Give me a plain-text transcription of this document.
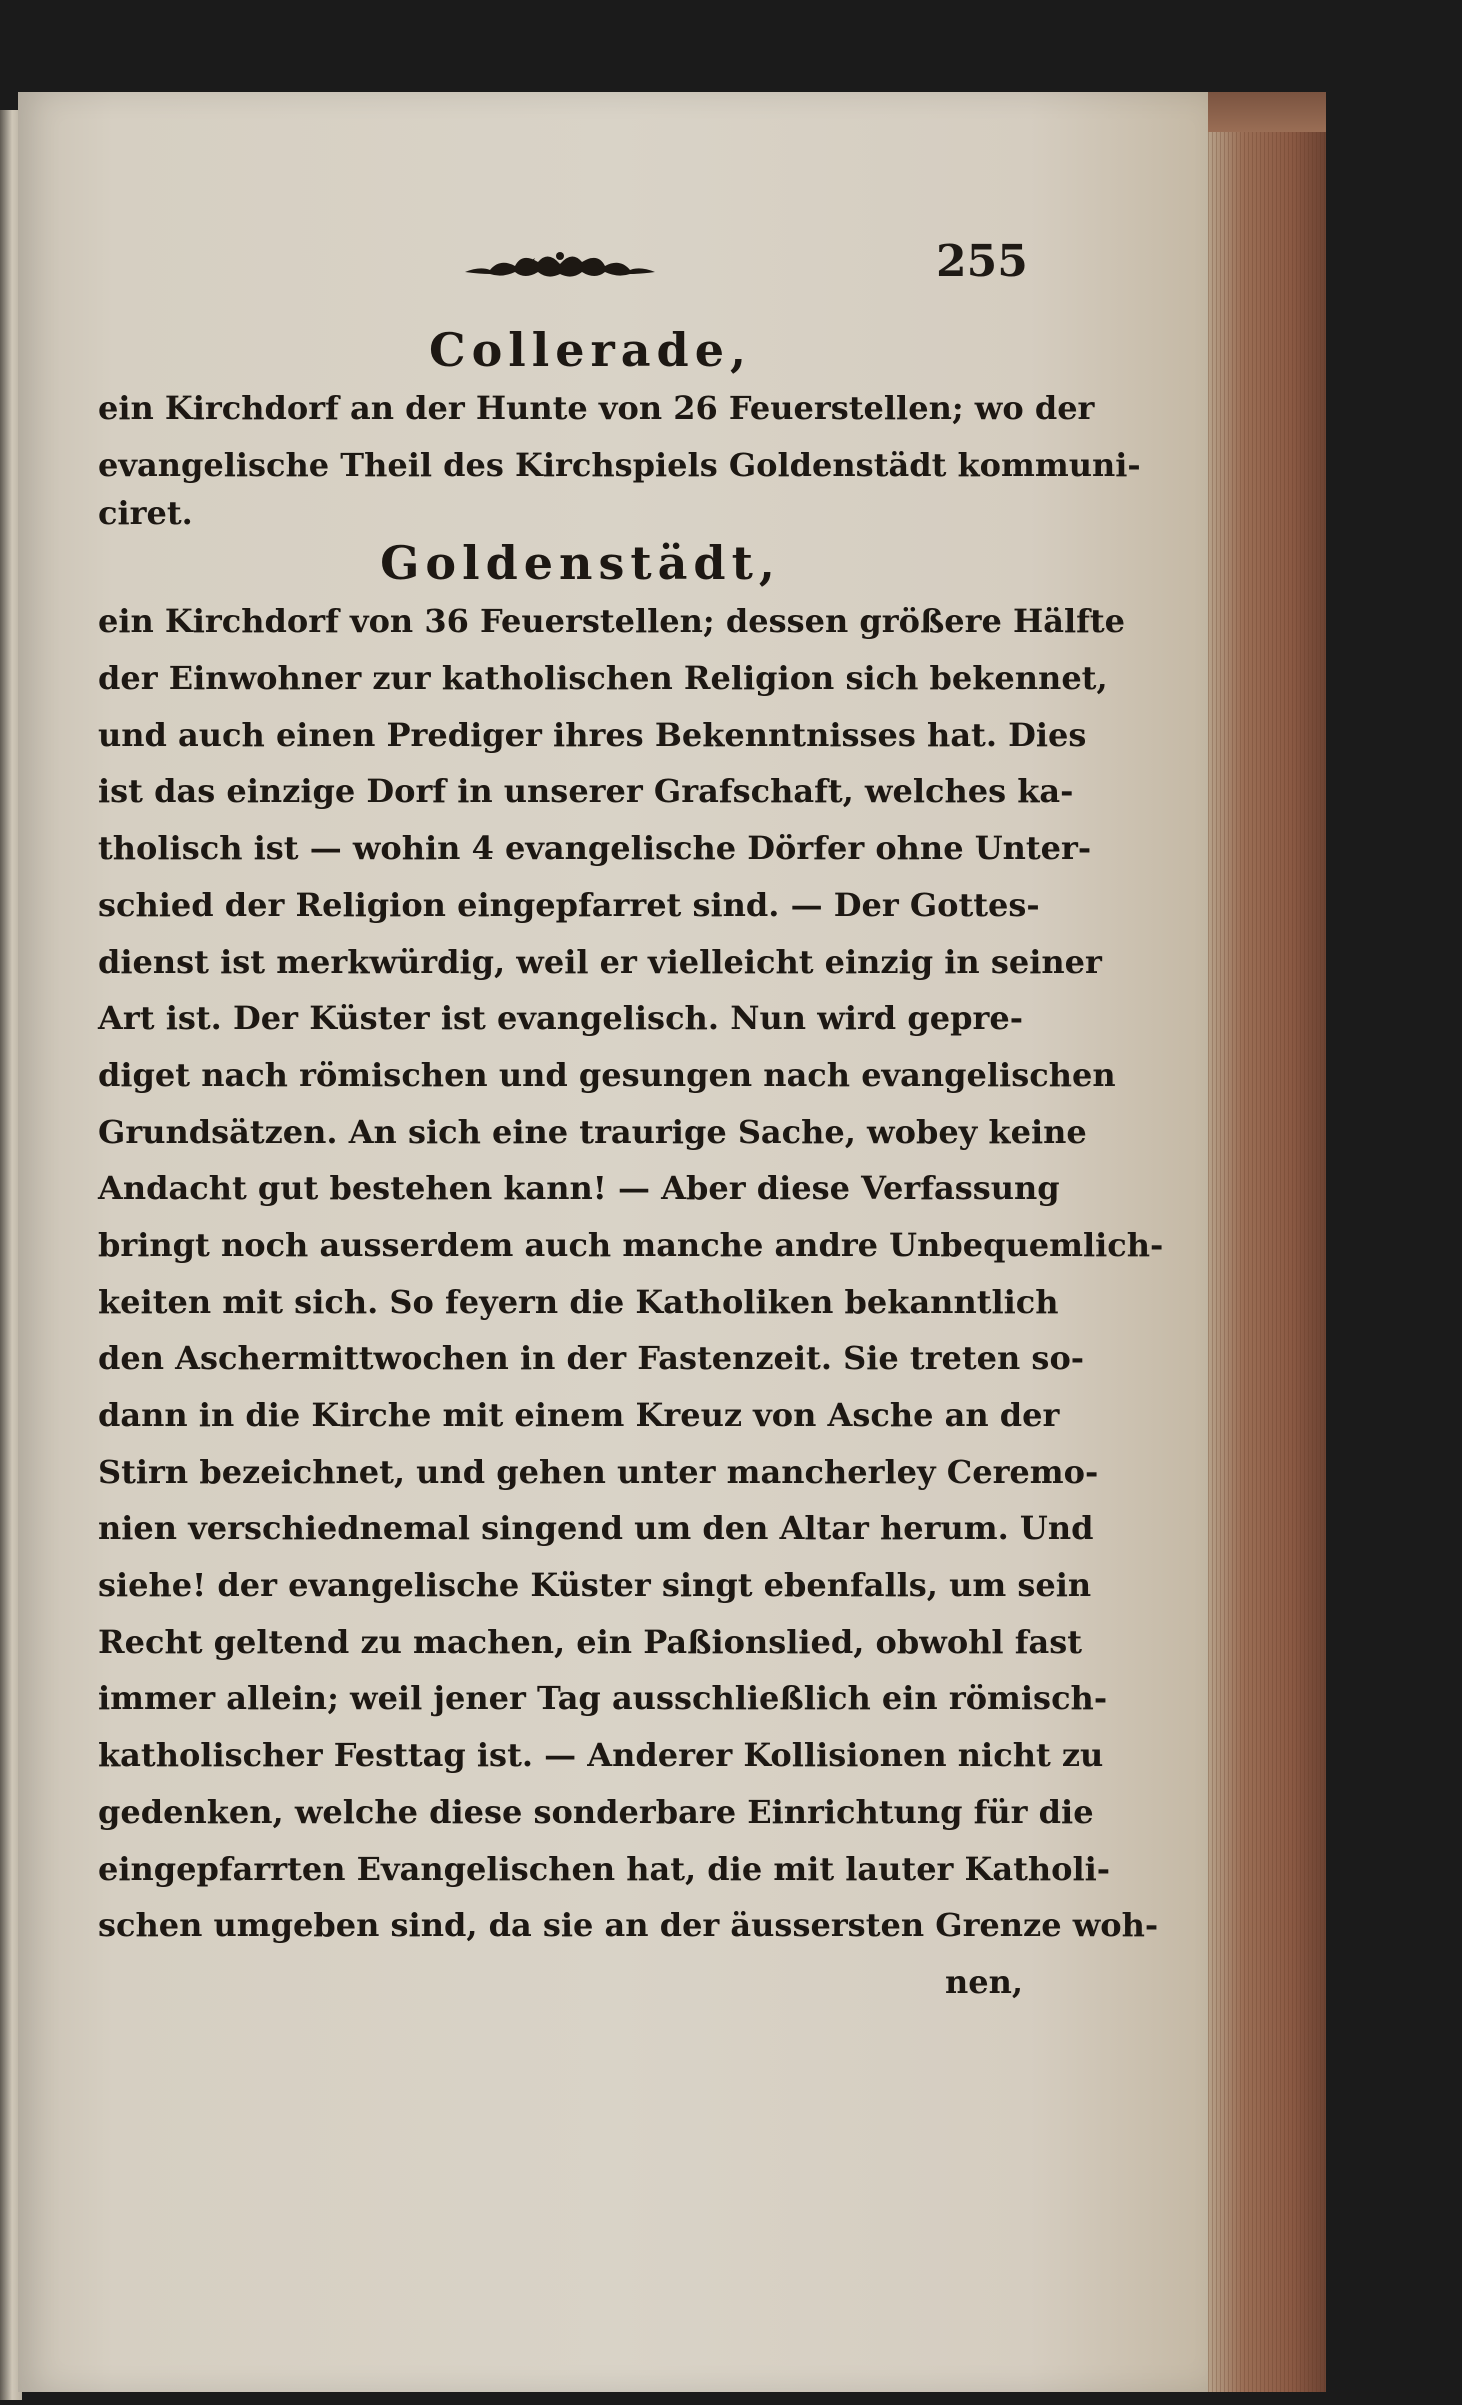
255
Collerade,
ein Kirchdorf an der Hunte von 26 Feuerstellen; wo der
evangelische Theil des Kirchspiels Goldenstädt kommuni-
ciret.
Goldenstädt,
ein Kirchdorf von 36 Feuerstellen; dessen größere Hälfte
der Einwohner zur katholischen Religion sich bekennet,
und auch einen Prediger ihres Bekenntnisses hat. Dies
ist das einzige Dorf in unserer Grafschaft, welches ka-
tholisch ist — wohin 4 evangelische Dörfer ohne Unter-
schied der Religion eingepfarret sind. — Der Gottes-
dienst ist merkwürdig, weil er vielleicht einzig in seiner
Art ist. Der Küster ist evangelisch. Nun wird gepre-
diget nach römischen und gesungen nach evangelischen
Grundsätzen. An sich eine traurige Sache, wobey keine
Andacht gut bestehen kann! — Aber diese Verfassung
bringt noch ausserdem auch manche andre Unbequemlich-
keiten mit sich. So feyern die Katholiken bekanntlich
den Aschermittwochen in der Fastenzeit. Sie treten so-
dann in die Kirche mit einem Kreuz von Asche an der
Stirn bezeichnet, und gehen unter mancherley Ceremo-
nien verschiednemal singend um den Altar herum. Und
siehe! der evangelische Küster singt ebenfalls, um sein
Recht geltend zu machen, ein Paßionslied, obwohl fast
immer allein; weil jener Tag ausschließlich ein römisch-
katholischer Festtag ist. — Anderer Kollisionen nicht zu
gedenken, welche diese sonderbare Einrichtung für die
eingepfarrten Evangelischen hat, die mit lauter Katholi-
schen umgeben sind, da sie an der äussersten Grenze woh-
nen,
